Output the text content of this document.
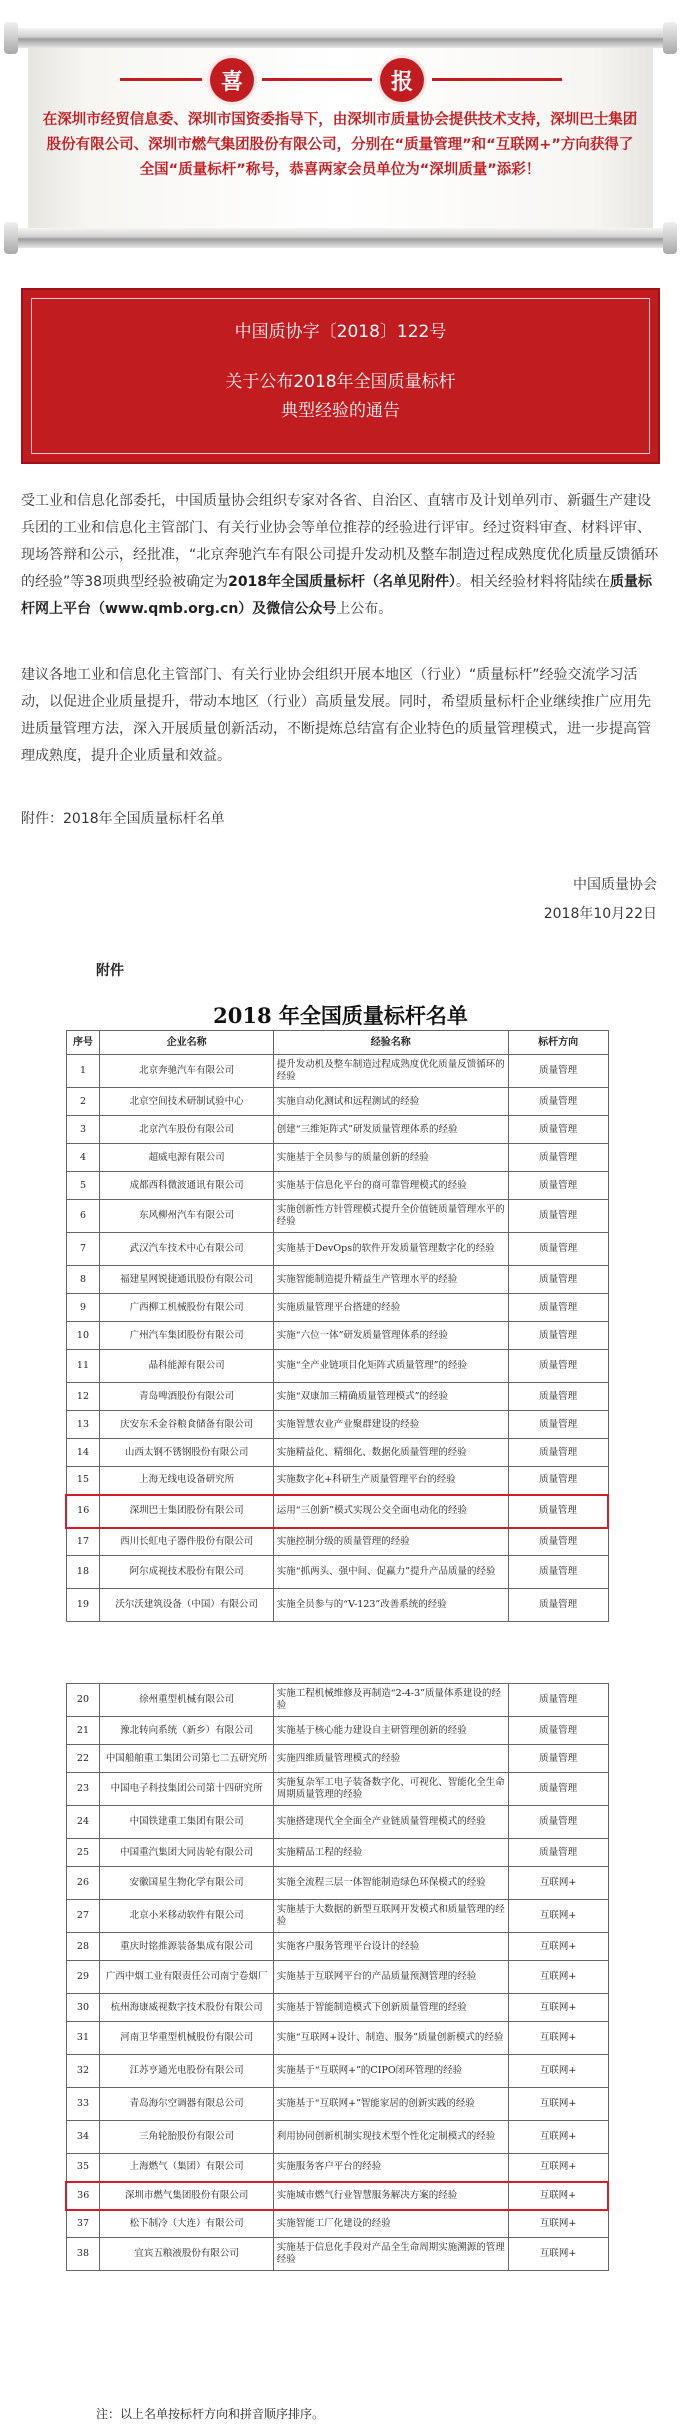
喜	报
在深圳市经贸信息委、深圳市国资委指导下，由深圳市质量协会提供技术支持，深圳巴士集团股份有限公司、深圳市燃气集团股份有限公司，分别在“质量管理”和“互联网+”方向获得了全国“质量标杆”称号，恭喜两家会员单位为“深圳质量”添彩！
中国质协字〔2018〕122号
关于公布2018年全国质量标杆
典型经验的通告
受工业和信息化部委托，中国质量协会组织专家对各省、自治区、直辖市及计划单列市、新疆生产建设兵团的工业和信息化主管部门、有关行业协会等单位推荐的经验进行评审。经过资料审查、材料评审、现场答辩和公示，经批准，“北京奔驰汽车有限公司提升发动机及整车制造过程成熟度优化质量反馈循环的经验”等38项典型经验被确定为2018年全国质量标杆（名单见附件）。相关经验材料将陆续在质量标杆网上平台（www.qmb.org.cn）及微信公众号上公布。
建议各地工业和信息化主管部门、有关行业协会组织开展本地区（行业）“质量标杆”经验交流学习活动，以促进企业质量提升，带动本地区（行业）高质量发展。同时，希望质量标杆企业继续推广应用先进质量管理方法，深入开展质量创新活动，不断提炼总结富有企业特色的质量管理模式，进一步提高管理成熟度，提升企业质量和效益。
附件：2018年全国质量标杆名单
中国质量协会
2018年10月22日
附件
2018 年全国质量标杆名单
序号	企业名称	经验名称	标杆方向
1	北京奔驰汽车有限公司	提升发动机及整车制造过程成熟度优化质量反馈循环的经验	质量管理
2	北京空间技术研制试验中心	实施自动化测试和远程测试的经验	质量管理
3	北京汽车股份有限公司	创建“三维矩阵式”研发质量管理体系的经验	质量管理
4	超威电源有限公司	实施基于全员参与的质量创新的经验	质量管理
5	成都西科微波通讯有限公司	实施基于信息化平台的商可靠管理模式的经验	质量管理
6	东风柳州汽车有限公司	实施创新性方针管理模式提升全价值链质量管理水平的经验	质量管理
7	武汉汽车技术中心有限公司	实施基于DevOps的软件开发质量管理数字化的经验	质量管理
8	福建星网锐捷通讯股份有限公司	实施智能制造提升精益生产管理水平的经验	质量管理
9	广西柳工机械股份有限公司	实施质量管理平台搭建的经验	质量管理
10	广州汽车集团股份有限公司	实施“六位一体”研发质量管理体系的经验	质量管理
11	晶科能源有限公司	实施“全产业链项目化矩阵式质量管理”的经验	质量管理
12	青岛啤酒股份有限公司	实施“双康加三精确质量管理模式”的经验	质量管理
13	庆安东禾金谷粮食储备有限公司	实施智慧农业产业聚群建设的经验	质量管理
14	山西太钢不锈钢股份有限公司	实施精益化、精细化、数据化质量管理的经验	质量管理
15	上海无线电设备研究所	实施数字化+科研生产质量管理平台的经验	质量管理
16	深圳巴士集团股份有限公司	运用“三创新”模式实现公交全面电动化的经验	质量管理
17	西川长虹电子器件股份有限公司	实施控制分级的质量管理的经验	质量管理
18	阿尔成视技术股份有限公司	实施“抓两头、强中间、促赢力”提升产品质量的经验	质量管理
19	沃尔沃建筑设备（中国）有限公司	实施全员参与的“V-123”改善系统的经验	质量管理
20	徐州重型机械有限公司	实施工程机械维修及再制造“2-4-3”质量体系建设的经验	质量管理
21	豫北转向系统（新乡）有限公司	实施基于核心能力建设自主研管理创新的经验	质量管理
22	中国船舶重工集团公司第七二五研究所	实施四维质量管理模式的经验	质量管理
23	中国电子科技集团公司第十四研究所	实施复杂军工电子装备数字化、可视化、智能化全生命周期质量管理的经验	质量管理
24	中国铁建重工集团有限公司	实施搭建现代全全面全产业链质量管理模式的经验	质量管理
25	中国重汽集团大同齿轮有限公司	实施精品工程的经验	质量管理
26	安徽国星生物化学有限公司	实施全流程三层一体智能制造绿色环保模式的经验	互联网+
27	北京小米移动软件有限公司	实施基于大数据的新型互联网开发模式和质量管理的经验	互联网+
28	重庆时铭推源装备集成有限公司	实施客户服务管理平台设计的经验	互联网+
29	广西中烟工业有限责任公司南宁卷烟厂	实施基于互联网平台的产品质量预测管理的经验	互联网+
30	杭州海康威视数字技术股份有限公司	实施基于智能制造模式下创新质量管理的经验	互联网+
31	河南卫华重型机械股份有限公司	实施“互联网+设计、制造、服务”质量创新模式的经验	互联网+
32	江苏亨通光电股份有限公司	实施基于“互联网+”的CIPO闭环管理的经验	互联网+
33	青岛海尔空调器有限总公司	实施基于“互联网+”智能家居的创新实践的经验	互联网+
34	三角轮胎股份有限公司	利用协同创新机制实现技术型个性化定制模式的经验	互联网+
35	上海燃气（集团）有限公司	实施服务客户平台的经验	互联网+
36	深圳市燃气集团股份有限公司	实施城市燃气行业智慧服务解决方案的经验	互联网+
37	松下制冷（大连）有限公司	实施智能工厂化建设的经验	互联网+
38	宜宾五粮液股份有限公司	实施基于信息化手段对产品全生命周期实施溯源的管理经验	互联网+
注：以上名单按标杆方向和拼音顺序排序。
